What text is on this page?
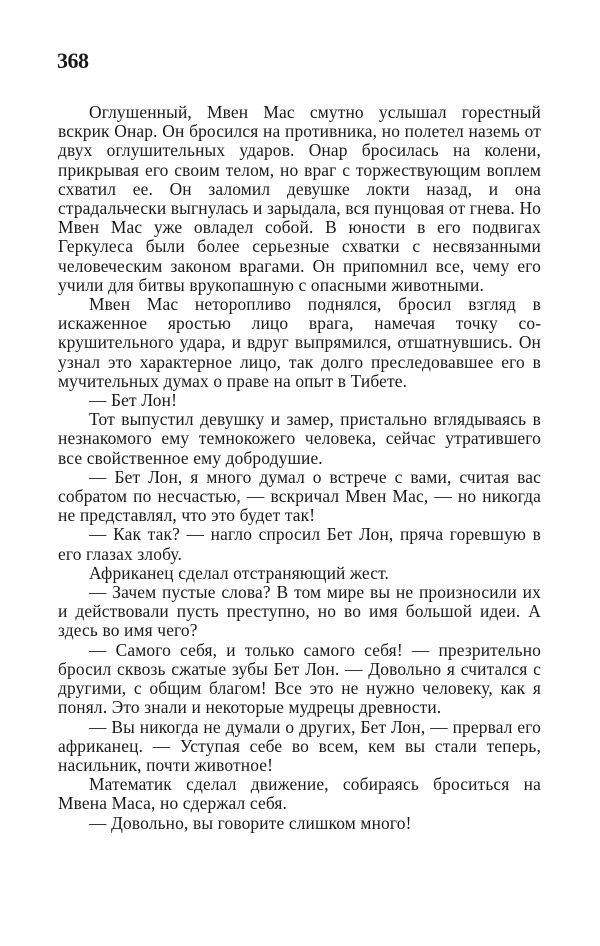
368

Оглушенный, Мвен Мас смутно услышал горестный вскрик Онар. Он бросился на противника, но полетел наземь от двух оглушительных ударов. Онар бросилась на колени, прикрывая его своим телом, но враг с торжествующим воплем схватил ее. Он заломил девушке локти назад, и она страдальчески выгнулась и зарыдала, вся пунцовая от гнева. Но Мвен Мас уже овладел собой. В юности в его подвигах Геркулеса были более серьезные схватки с несвязанными человеческим законом врагами. Он припомнил все, чему его учили для битвы врукопашную с опасными животными.

Мвен Мас неторопливо поднялся, бросил взгляд в искаженное яростью лицо врага, намечая точку сокрушительного удара, и вдруг выпрямился, отшатнувшись. Он узнал это характерное лицо, так долго преследовавшее его в мучительных думах о праве на опыт в Тибете.

— Бет Лон!

Тот выпустил девушку и замер, пристально вглядываясь в незнакомого ему темнокожего человека, сейчас утратившего все свойственное ему добродушие.

— Бет Лон, я много думал о встрече с вами, считая вас собратом по несчастью, — вскричал Мвен Мас, — но никогда не представлял, что это будет так!

— Как так? — нагло спросил Бет Лон, пряча горевшую в его глазах злобу.

Африканец сделал отстраняющий жест.

— Зачем пустые слова? В том мире вы не произносили их и действовали пусть преступно, но во имя большой идеи. А здесь во имя чего?

— Самого себя, и только самого себя! — презрительно бросил сквозь сжатые зубы Бет Лон. — Довольно я считался с другими, с общим благом! Все это не нужно человеку, как я понял. Это знали и некоторые мудрецы древности.

— Вы никогда не думали о других, Бет Лон, — прервал его африканец. — Уступая себе во всем, кем вы стали теперь, насильник, почти животное!

Математик сделал движение, собираясь броситься на Мвена Маса, но сдержал себя.

— Довольно, вы говорите слишком много!
